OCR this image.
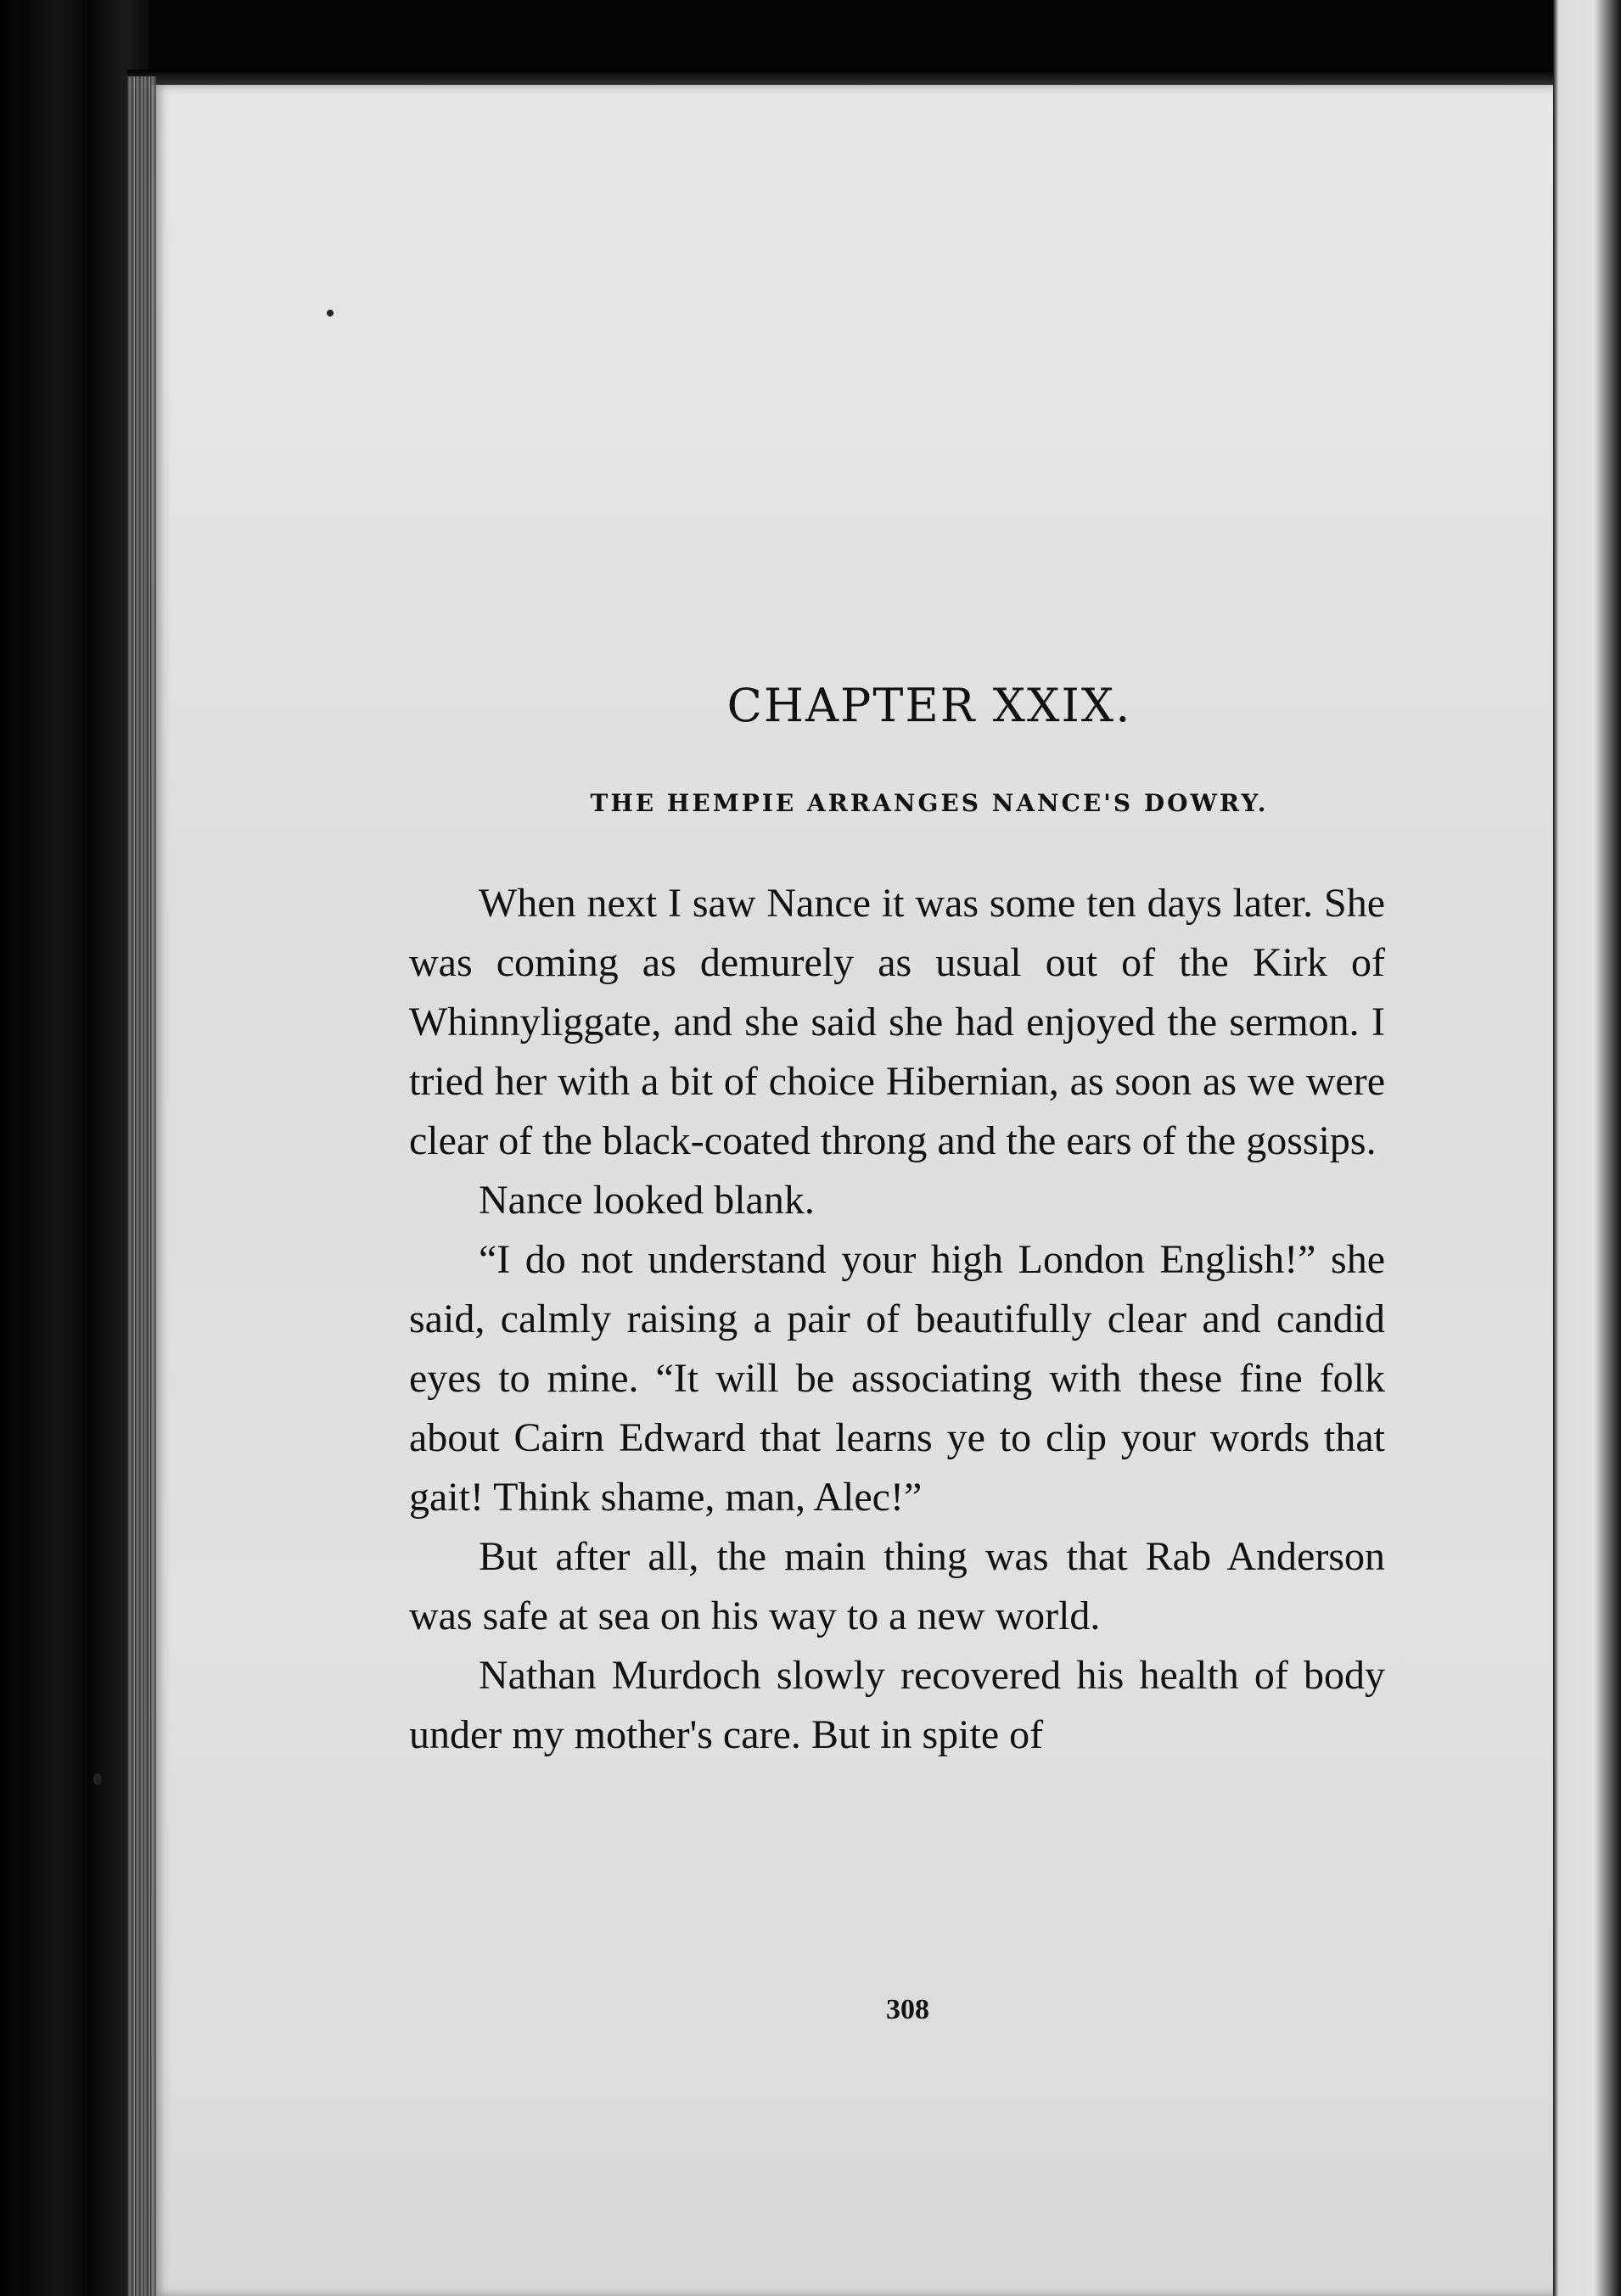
CHAPTER XXIX.
THE HEMPIE ARRANGES NANCE'S DOWRY.

When next I saw Nance it was some ten days later. She was coming as demurely as usual out of the Kirk of Whinnyliggate, and she said she had enjoyed the sermon. I tried her with a bit of choice Hibernian, as soon as we were clear of the black-coated throng and the ears of the gossips.

Nance looked blank.

“I do not understand your high London English!” she said, calmly raising a pair of beautifully clear and candid eyes to mine. “It will be associating with these fine folk about Cairn Edward that learns ye to clip your words that gait! Think shame, man, Alec!”

But after all, the main thing was that Rab Anderson was safe at sea on his way to a new world.

Nathan Murdoch slowly recovered his health of body under my mother's care. But in spite of

308
